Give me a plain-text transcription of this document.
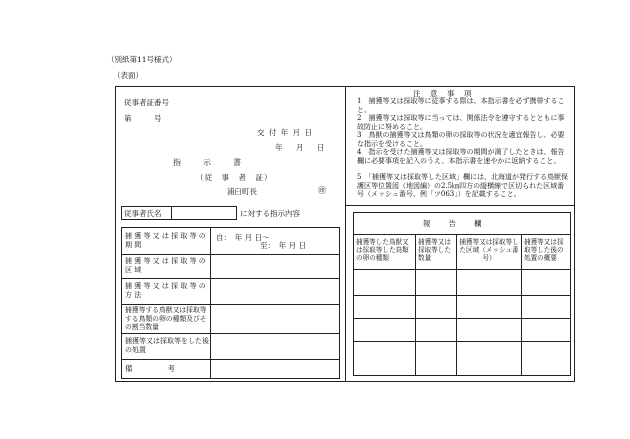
（別紙第11号様式）
（表面）
従事者証番号
第　　　号
交 付 年 月 日
年　月　日
指　　示　　書
（従　事　者　証）
浦臼町長	㊞
従事者氏名	に対する指示内容
捕 獲 等 又 は 採 取 等 の 期 間
自：　年 月 日～
至：　年 月 日
捕 獲 等 又 は 採 取 等 の 区 域
捕 獲 等 又 は 採 取 等 の 方 法
捕獲等する鳥獣又は採取等する鳥類の卵の種類及びその割当数量
捕獲等又は採取等をした後の処置
備　　　　考
注　意　事　項
1　捕獲等又は採取等に従事する際は、本指示書を必ず携帯すること。
2　捕獲等又は採取等に当っては、関係法令を遵守するとともに事故防止に努めること。
3　鳥獣の捕獲等又は鳥類の卵の採取等の状況を適宜報告し、必要な指示を受けること。
4　指示を受けた捕獲等又は採取等の期間が満了したときは、報告欄に必要事項を記入のうえ、本指示書を速やかに返納すること。
5　「捕獲等又は採取等した区域」欄には、北海道が発行する鳥獣保護区等位置図（地図編）の2.5㎞四方の縦横線で区切られた区域番号（メッシュ番号、例「ツ063」）を記載すること。
報　　告　　欄
捕獲等した鳥獣又は採取等した鳥類の卵の種類
捕獲等又は採取等した数量
捕獲等又は採取等した区域（メッシュ番号）
捕獲等又は採取等した後の処置の概要
